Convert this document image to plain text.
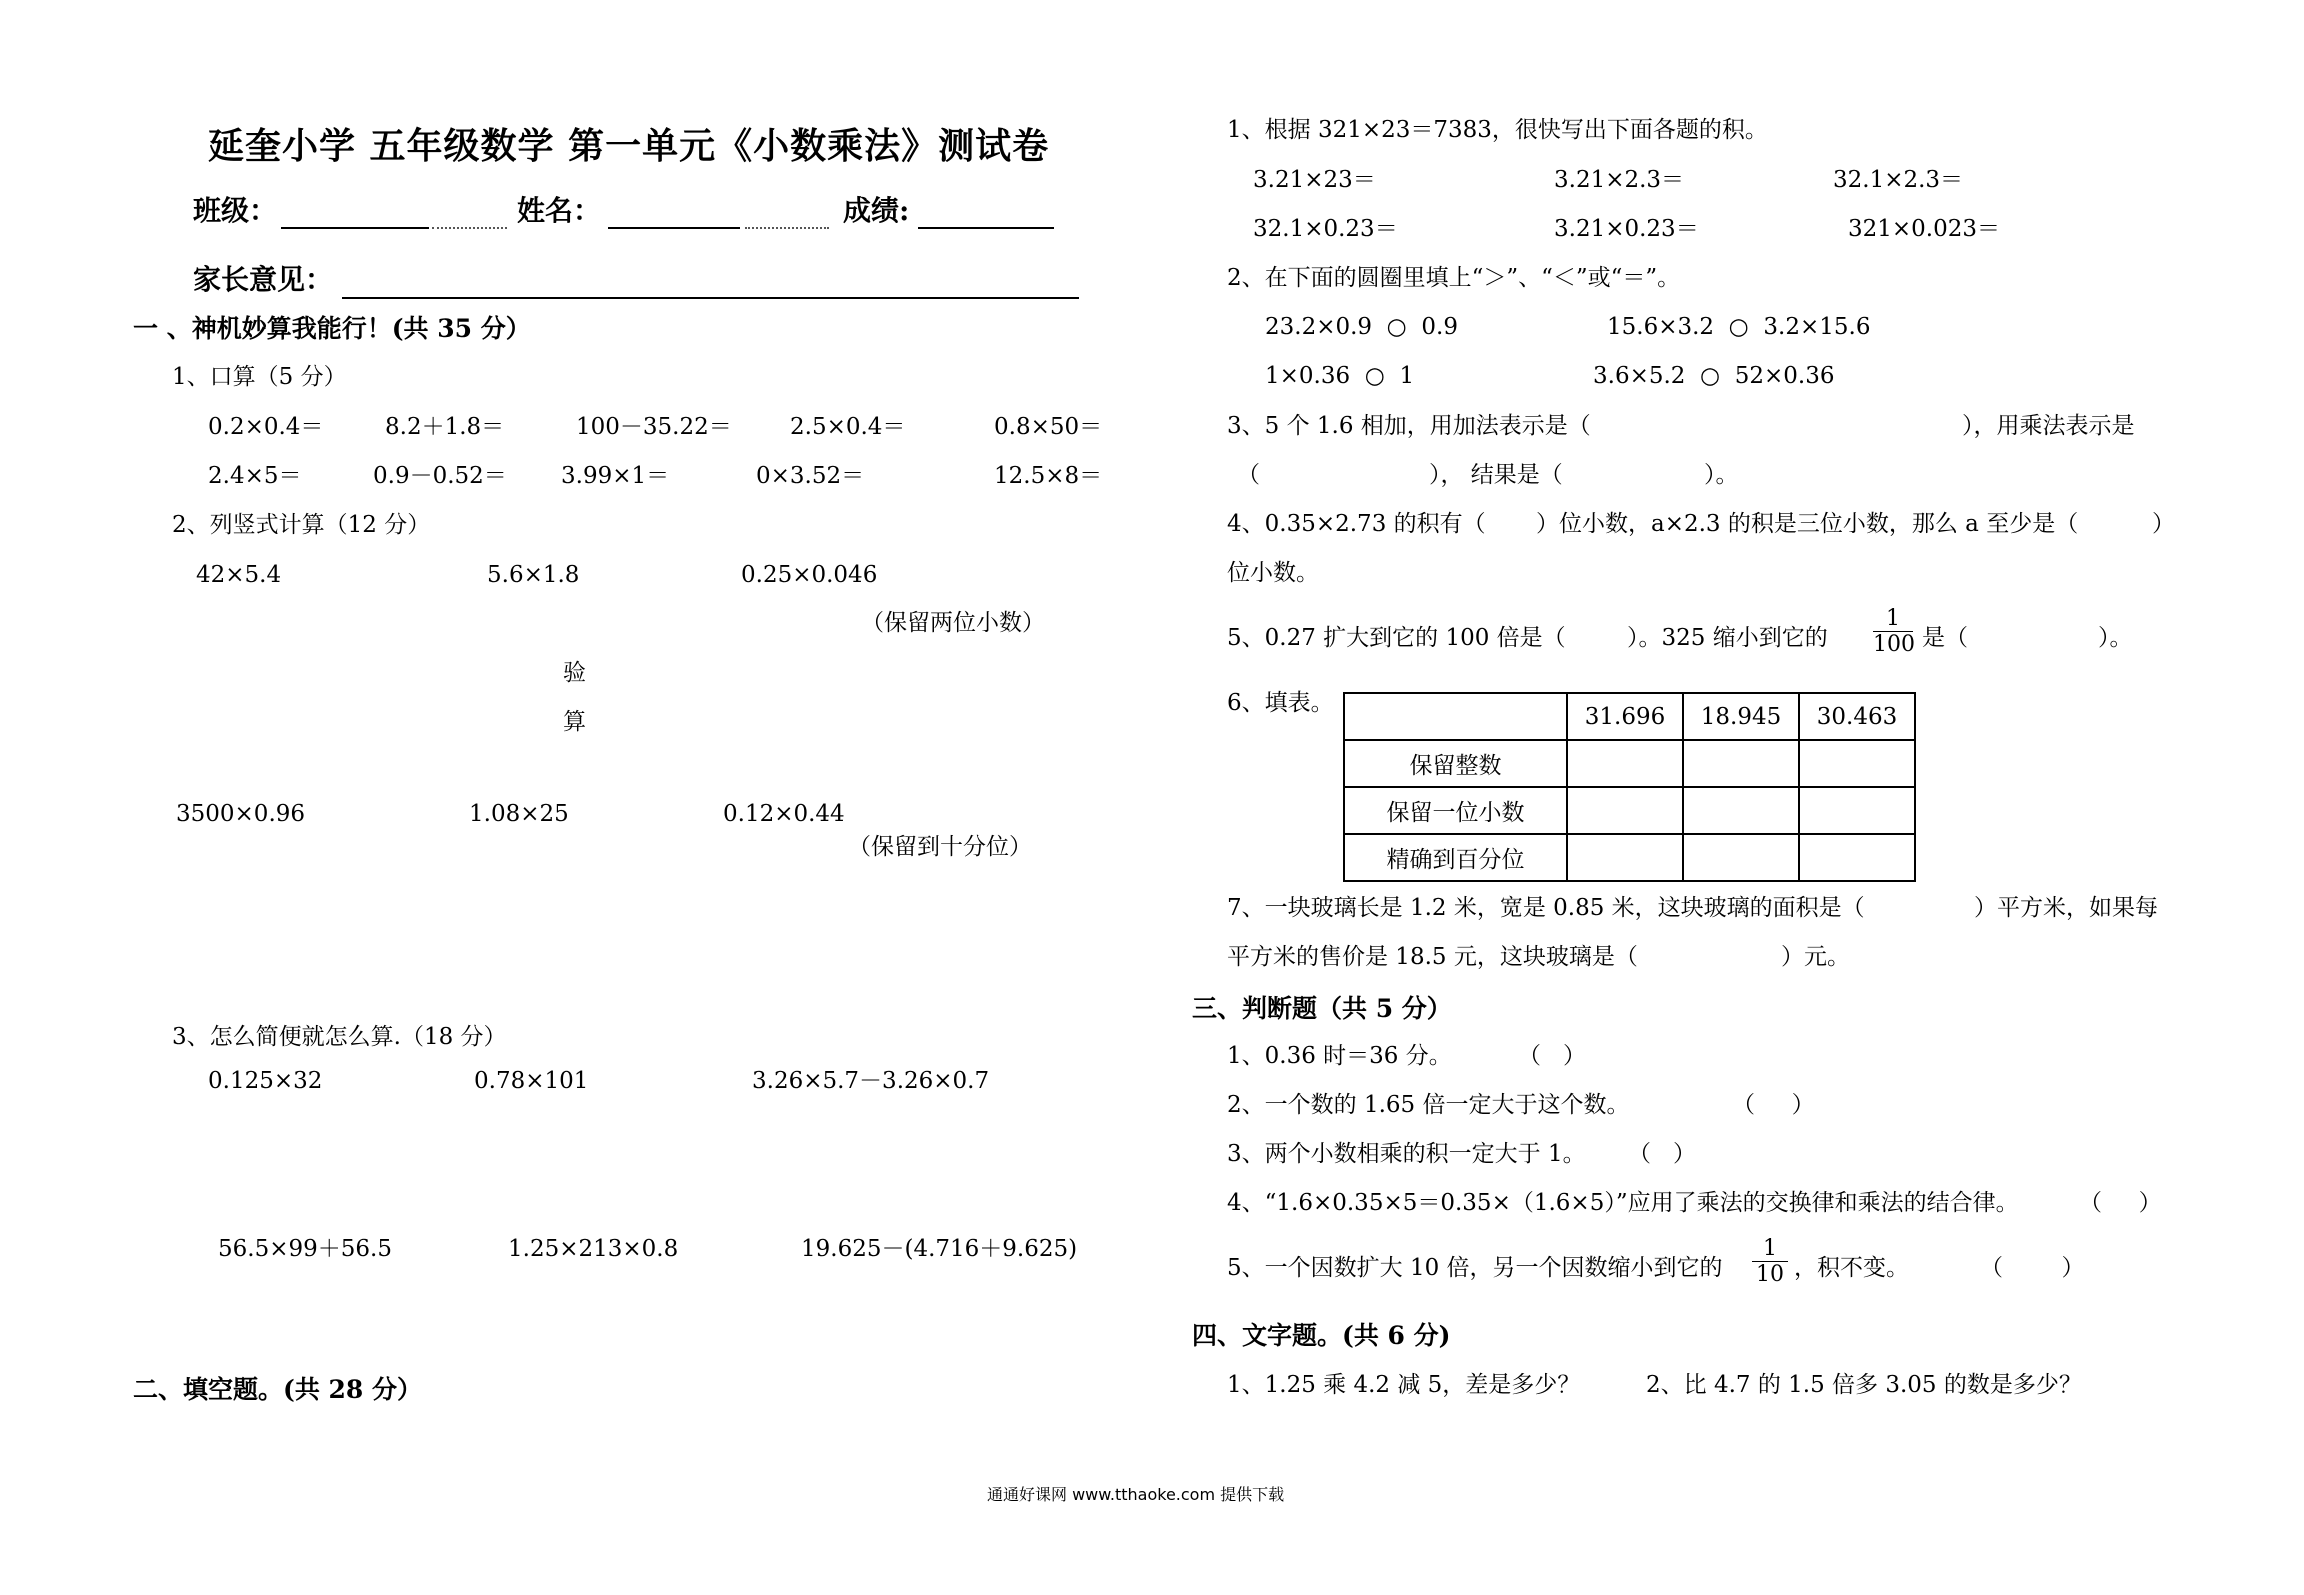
延奎小学 五年级数学 第一单元《小数乘法》测试卷
班级：	姓名：	成绩:
家长意见：
一 、神机妙算我能行！(共 35 分）
1、口算（5 分）
0.2×0.4＝	8.2＋1.8＝	100－35.22＝	2.5×0.4＝	0.8×50＝
2.4×5＝	0.9－0.52＝ 3.99×1＝	0×3.52＝	12.5×8＝
2、列竖式计算（12 分）
42×5.4	5.6×1.8	0.25×0.046
（保留两位小数）
验
算
3500×0.96	1.08×25	0.12×0.44
（保留到十分位）
3、怎么简便就怎么算.（18 分）
0.125×32	0.78×101	3.26×5.7－3.26×0.7
56.5×99＋56.5	1.25×213×0.8	19.625－(4.716＋9.625)
二、填空题。(共 28 分）
1、根据 321×23＝7383，很快写出下面各题的积。
3.21×23＝	3.21×2.3＝	32.1×2.3＝
32.1×0.23＝	3.21×0.23＝	321×0.023＝
2、在下面的圆圈里填上“＞”、“＜”或“＝”。
23.2×0.9  ○  0.9	15.6×3.2  ○  3.2×15.6
1×0.36  ○  1	3.6×5.2  ○  52×0.36
3、5 个 1.6 相加，用加法表示是（	），用乘法表示是
（	）， 结果是（	）。
4、0.35×2.73 的积有（ ）位小数，a×2.3 的积是三位小数，那么 a 至少是（	）
位小数。
5、0.27 扩大到它的 100 倍是（	）。325 缩小到它的 $\frac{1}{100}$ 是（	）。
6、填表。
	31.696	18.945	30.463
保留整数			
保留一位小数			
精确到百分位			
7、一块玻璃长是 1.2 米，宽是 0.85 米，这块玻璃的面积是（	）平方米，如果每
平方米的售价是 18.5 元，这块玻璃是（	）元。
三、判断题（共 5 分）
1、0.36 时＝36 分。	（ ）
2、一个数的 1.65 倍一定大于这个数。	（ ）
3、两个小数相乘的积一定大于 1。 （ ）
4、“1.6×0.35×5＝0.35×（1.6×5）”应用了乘法的交换律和乘法的结合律。	（ ）
5、一个因数扩大 10 倍，另一个因数缩小到它的 $\frac{1}{10}$ ，积不变。	（	）
四、文字题。(共 6 分)
1、1.25 乘 4.2 减 5，差是多少？	2、比 4.7 的 1.5 倍多 3.05 的数是多少？
通通好课网 www.tthaoke.com 提供下载
